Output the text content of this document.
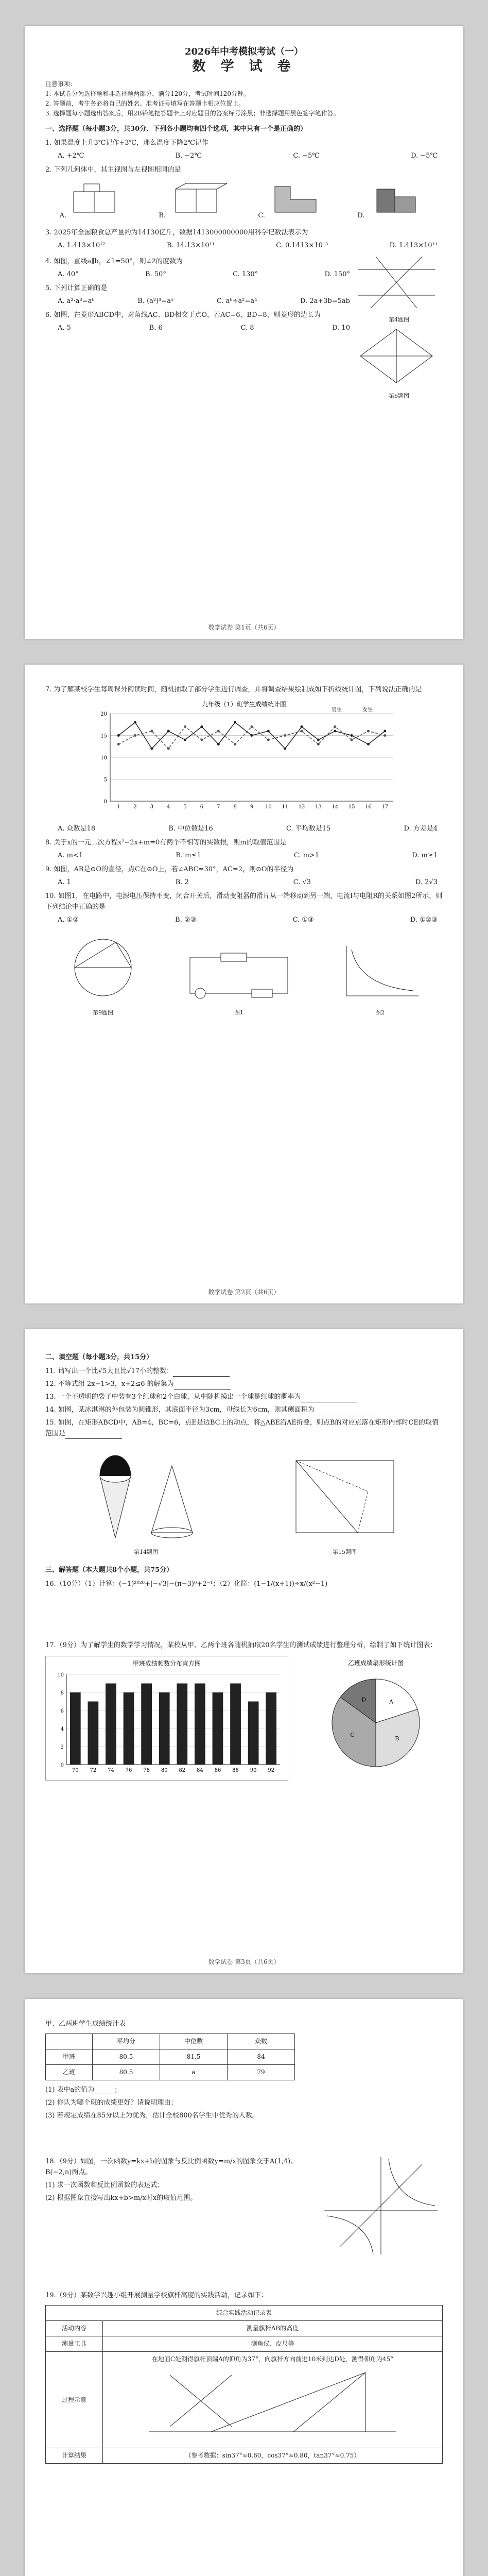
2026年中考模拟考试（一）
数 学 试 卷
注意事项：
1. 本试卷分为选择题和非选择题两部分，满分120分，考试时间120分钟。
2. 答题前，考生务必将自己的姓名、准考证号填写在答题卡相应位置上。
3. 选择题每小题选出答案后，用2B铅笔把答题卡上对应题目的答案标号涂黑；非选择题用黑色签字笔作答。
一、选择题（每小题3分，共30分．下列各小题均有四个选项，其中只有一个是正确的）
1. 如果温度上升3℃记作+3℃，那么温度下降2℃记作
A. +2℃	B. −2℃	C. +5℃	D. −5℃
2. 下列几何体中，其主视图与左视图相同的是
A.	B.	C.	D.
3. 2025年全国粮食总产量约为14130亿斤，数据1413000000000用科学记数法表示为
A. 1.413×10¹²	B. 14.13×10¹¹	C. 0.1413×10¹³	D. 1.413×10¹¹
4. 如图，直线a∥b，∠1=50°，则∠2的度数为
A. 40°	B. 50°	C. 130°	D. 150°
5. 下列计算正确的是
A. a²·a³=a⁶	B. (a²)³=a⁵	C. a⁶÷a²=a⁴	D. 2a+3b=5ab
6. 如图，在菱形ABCD中，对角线AC、BD相交于点O，若AC=6，BD=8，则菱形的边长为
A. 5	B. 6	C. 8	D. 10
第4题图
第6题图
数学试卷 第1页（共6页）
7. 为了解某校学生每周课外阅读时间，随机抽取了部分学生进行调查，并将调查结果绘制成如下折线统计图，下列说法正确的是
九年级（1）班学生成绩统计图
男生	女生
0
5
10
15
20
1	2	3	4	5	6	7	8	9 10 11 12 13 14 15 16 17
A. 众数是18	B. 中位数是16	C. 平均数是15	D. 方差是4
8. 关于x的一元二次方程x²−2x+m=0有两个不相等的实数根，则m的取值范围是
A. m<1	B. m≤1	C. m>1	D. m≥1
9. 如图，AB是⊙O的直径，点C在⊙O上，若∠ABC=30°，AC=2，则⊙O的半径为
A. 1	B. 2	C. √3	D. 2√3
10. 如图1，在电路中，电源电压保持不变，闭合开关后，滑动变阻器的滑片从一端移动到另一端，电流I与电阻R的关系如图2所示，则下列结论中正确的是
A. ①②	B. ②③	C. ①③	D. ①②③
第9题图	图1	图2
数学试卷 第2页（共6页）
二、填空题（每小题3分，共15分）
11. 请写出一个比√5大且比√17小的整数：
12. 不等式组 2x−1>3，x+2≤6 的解集为
13. 一个不透明的袋子中装有3个红球和2个白球，从中随机摸出一个球是红球的概率为
14. 如图，某冰淇淋的外包装为圆锥形，其底面半径为3cm，母线长为6cm，则其侧面积为
15. 如图，在矩形ABCD中，AB=4，BC=6，点E是边BC上的动点，将△ABE沿AE折叠，则点B的对应点落在矩形内部时CE的取值范围是
第14题图	第15题图
三、解答题（本大题共8个小题，共75分）
16.（10分）（1）计算：(−1)²⁰²⁶+|−√3|−(π−3)⁰+2⁻¹；（2）化简：(1−1/(x+1))÷x/(x²−1)
17.（9分）为了解学生的数学学习情况，某校从甲、乙两个班各随机抽取20名学生的测试成绩进行整理分析，绘制了如下统计图表：
甲班成绩频数分布直方图
0
2
4
6
8
10
70 72 74 76 78 80 82 84 86 88 90 92
乙班成绩扇形统计图
A
B
C
D
数学试卷 第3页（共6页）
甲、乙两班学生成绩统计表
	平均分	中位数	众数
甲班	80.5	81.5	84
乙班	80.5	a	79
(1) 表中a的值为______；
(2) 你认为哪个班的成绩更好？请说明理由；
(3) 若规定成绩在85分以上为优秀，估计全校800名学生中优秀的人数。
18.（9分）如图，一次函数y=kx+b的图象与反比例函数y=m/x的图象交于A(1,4)、B(−2,n)两点。
(1) 求一次函数和反比例函数的表达式；
(2) 根据图象直接写出kx+b>m/x时x的取值范围。
19.（9分）某数学兴趣小组开展测量学校旗杆高度的实践活动，记录如下：
综合实践活动记录表	
活动内容	测量旗杆AB的高度
测量工具	测角仪、皮尺等
过程示意	在地面C处测得旗杆顶端A的仰角为37°，向旗杆方向前进10米到达D处，测得仰角为45°

计算结果	（参考数据：sin37°≈0.60，cos37°≈0.80，tan37°≈0.75）
